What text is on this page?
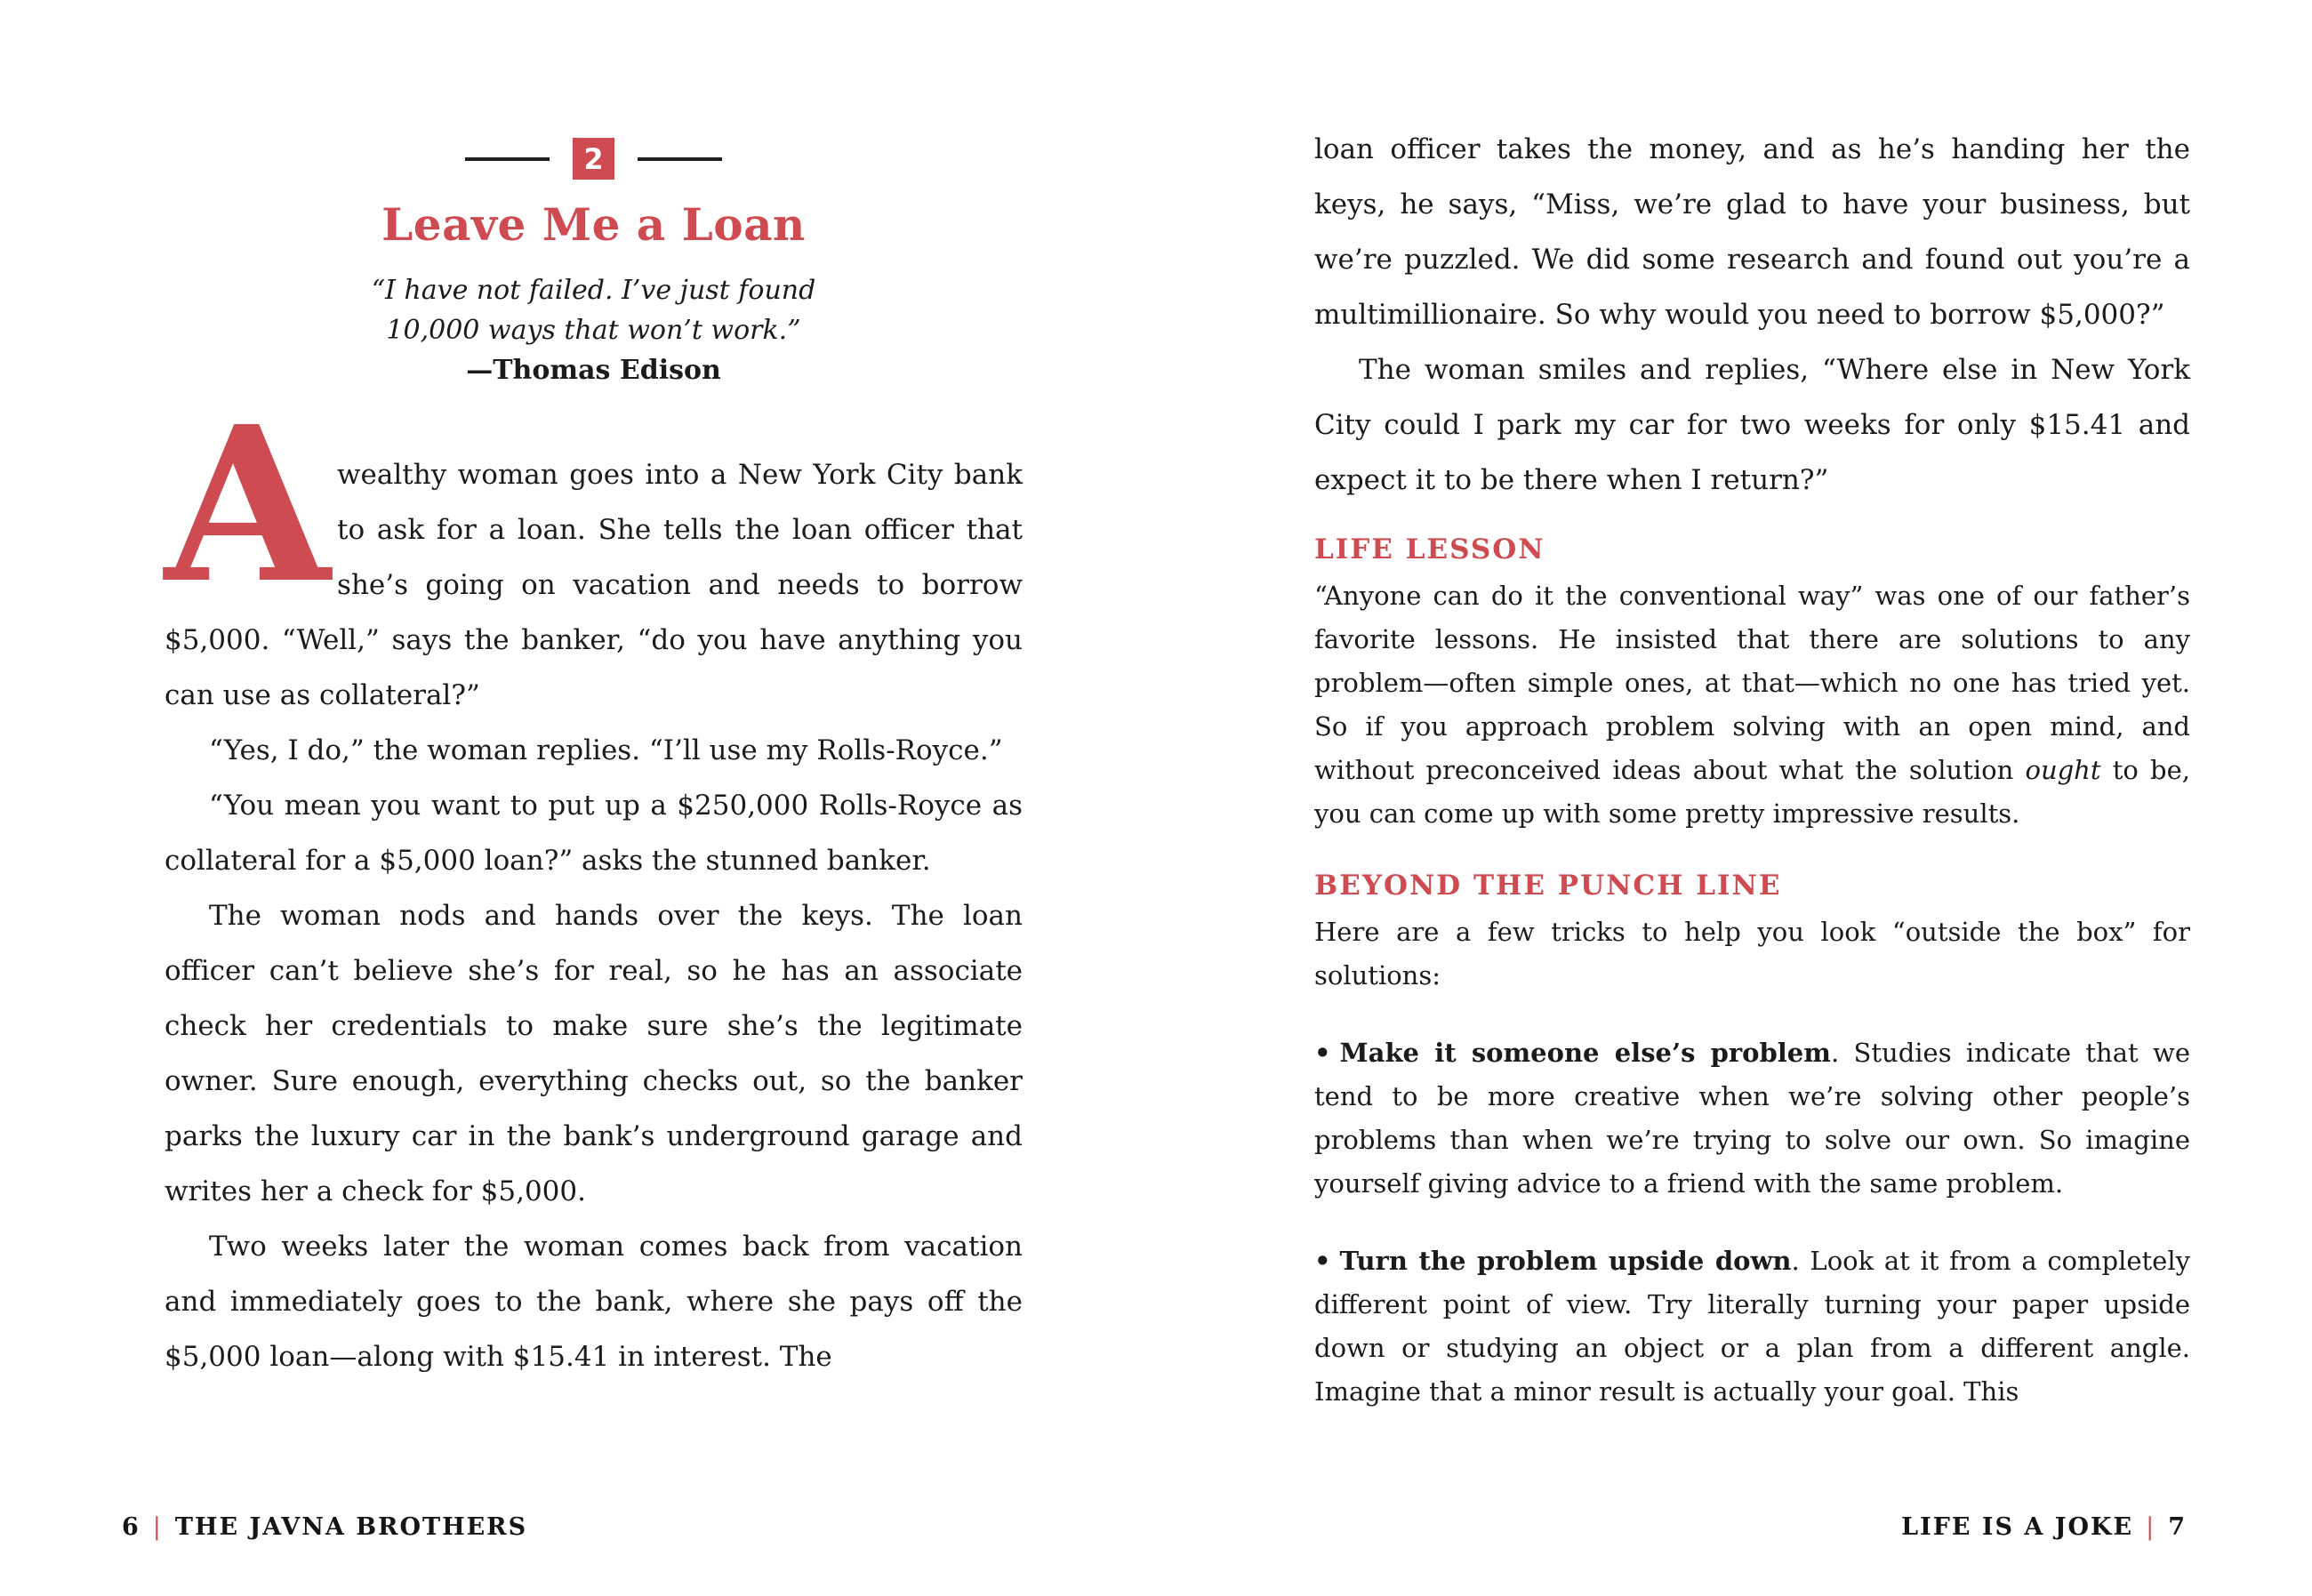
2
Leave Me a Loan
“I have not failed. I’ve just found
10,000 ways that won’t work.”
—Thomas Edison

A wealthy woman goes into a New York City bank to ask for a loan. She tells the loan officer that she’s going on vacation and needs to borrow $5,000. “Well,” says the banker, “do you have anything you can use as collateral?”

“Yes, I do,” the woman replies. “I’ll use my Rolls-Royce.”

“You mean you want to put up a $250,000 Rolls-Royce as collateral for a $5,000 loan?” asks the stunned banker.

The woman nods and hands over the keys. The loan officer can’t believe she’s for real, so he has an associate check her credentials to make sure she’s the legitimate owner. Sure enough, everything checks out, so the banker parks the luxury car in the bank’s underground garage and writes her a check for $5,000.

Two weeks later the woman comes back from vacation and immediately goes to the bank, where she pays off the $5,000 loan—along with $15.41 in interest. The

6 | THE JAVNA BROTHERS

loan officer takes the money, and as he’s handing her the keys, he says, “Miss, we’re glad to have your business, but we’re puzzled. We did some research and found out you’re a multimillionaire. So why would you need to borrow $5,000?”

The woman smiles and replies, “Where else in New York City could I park my car for two weeks for only $15.41 and expect it to be there when I return?”

LIFE LESSON

“Anyone can do it the conventional way” was one of our father’s favorite lessons. He insisted that there are solutions to any problem—often simple ones, at that—which no one has tried yet. So if you approach problem solving with an open mind, and without preconceived ideas about what the solution ought to be, you can come up with some pretty impressive results.

BEYOND THE PUNCH LINE

Here are a few tricks to help you look “outside the box” for solutions:

• Make it someone else’s problem. Studies indicate that we tend to be more creative when we’re solving other people’s problems than when we’re trying to solve our own. So imagine yourself giving advice to a friend with the same problem.

• Turn the problem upside down. Look at it from a completely different point of view. Try literally turning your paper upside down or studying an object or a plan from a different angle. Imagine that a minor result is actually your goal. This

LIFE IS A JOKE | 7
